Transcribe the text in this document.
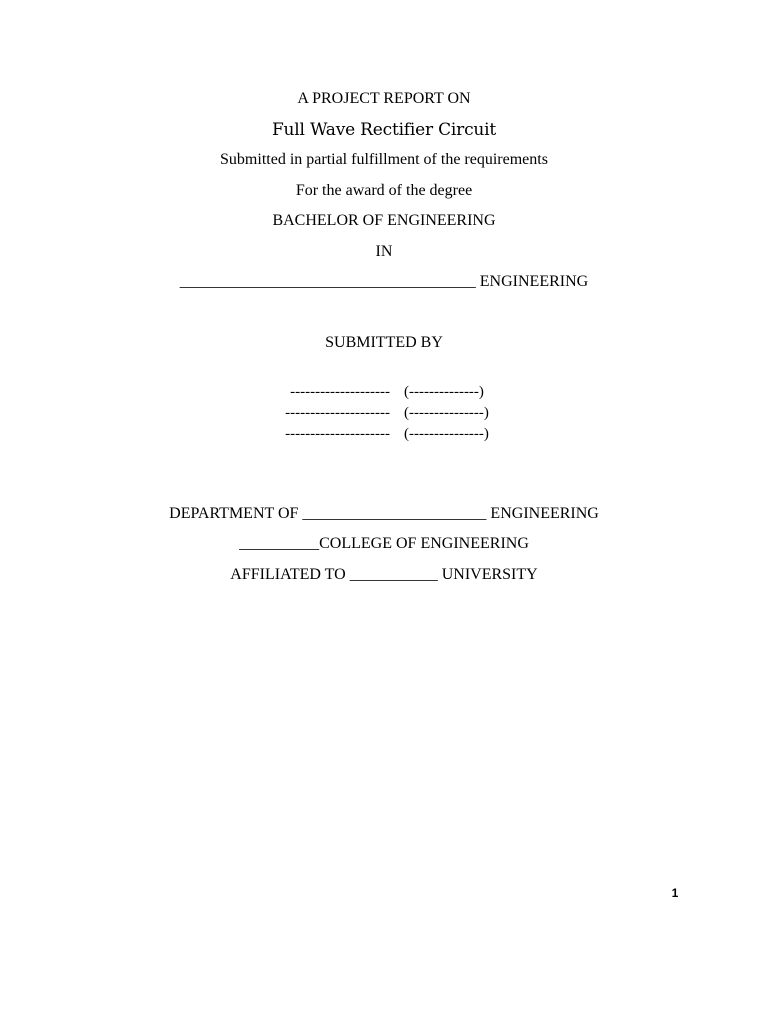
A PROJECT REPORT ON
Full Wave Rectifier Circuit
Submitted in partial fulfillment of the requirements
For the award of the degree
BACHELOR OF ENGINEERING
IN
_____________________________________ ENGINEERING
SUBMITTED BY
-------------------- (--------------)
--------------------- (---------------)
--------------------- (---------------)
DEPARTMENT OF _______________________ ENGINEERING
__________COLLEGE OF ENGINEERING
AFFILIATED TO ___________ UNIVERSITY
1
